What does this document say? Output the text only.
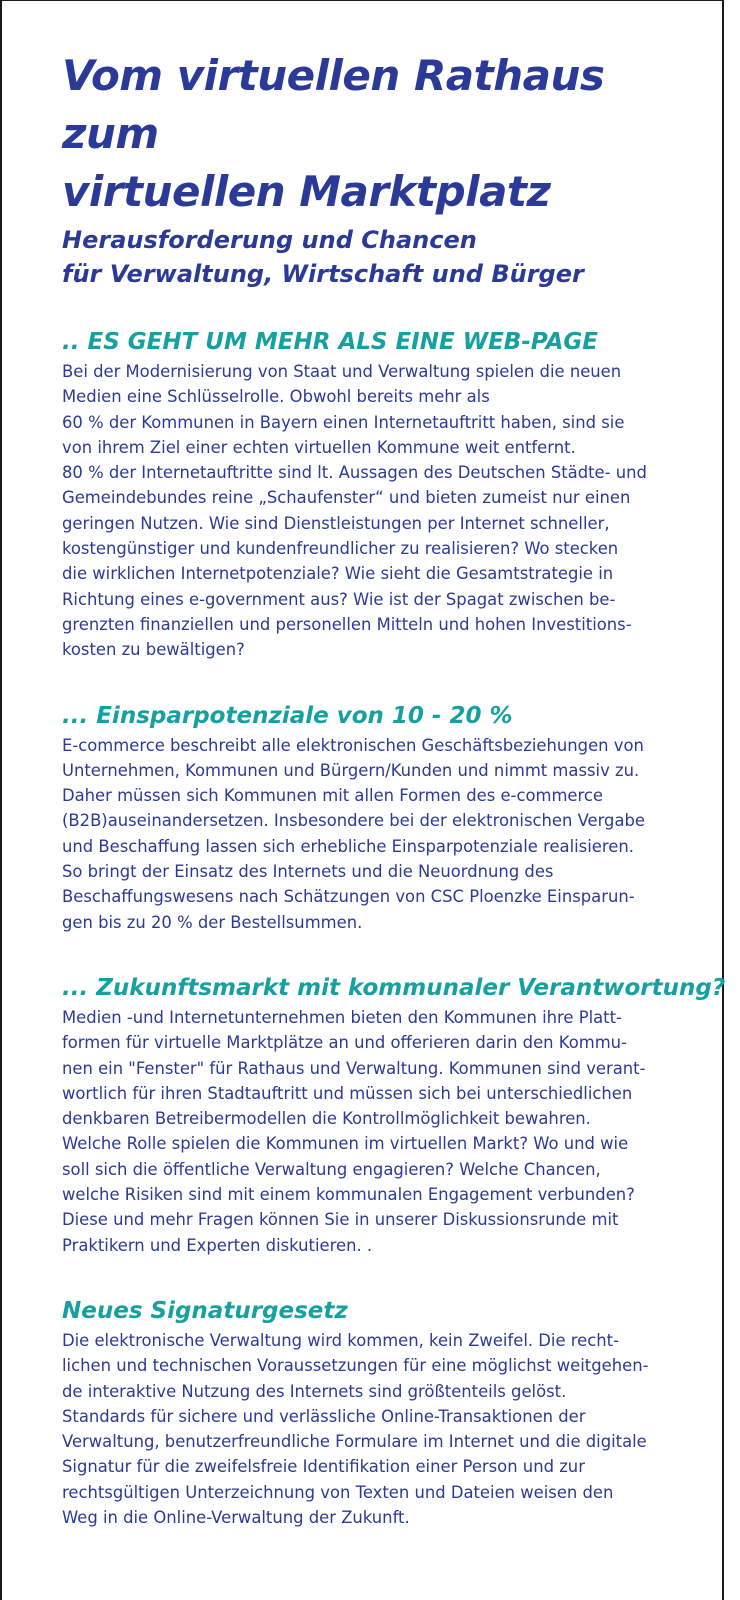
Vom virtuellen Rathaus zum
virtuellen Marktplatz
Herausforderung und Chancen
für Verwaltung, Wirtschaft und Bürger
.. ES GEHT UM MEHR ALS EINE WEB-PAGE
Bei der Modernisierung von Staat und Verwaltung spielen die neuen
Medien eine Schlüsselrolle. Obwohl bereits mehr als
60 % der Kommunen in Bayern einen Internetauftritt haben, sind sie
von ihrem Ziel einer echten virtuellen Kommune weit entfernt.
80 % der Internetauftritte sind lt. Aussagen des Deutschen Städte- und
Gemeindebundes reine „Schaufenster“ und bieten zumeist nur einen
geringen Nutzen. Wie sind Dienstleistungen per Internet schneller,
kostengünstiger und kundenfreundlicher zu realisieren? Wo stecken
die wirklichen Internetpotenziale? Wie sieht die Gesamtstrategie in
Richtung eines e-government aus? Wie ist der Spagat zwischen be-
grenzten finanziellen und personellen Mitteln und hohen Investitions-
kosten zu bewältigen?
... Einsparpotenziale von 10 - 20 %
E-commerce beschreibt alle elektronischen Geschäftsbeziehungen von
Unternehmen, Kommunen und Bürgern/Kunden und nimmt massiv zu.
Daher müssen sich Kommunen mit allen Formen des e-commerce
(B2B)auseinandersetzen. Insbesondere bei der elektronischen Vergabe
und Beschaffung lassen sich erhebliche Einsparpotenziale realisieren.
So bringt der Einsatz des Internets und die Neuordnung des
Beschaffungswesens nach Schätzungen von CSC Ploenzke Einsparun-
gen bis zu 20 % der Bestellsummen.
... Zukunftsmarkt mit kommunaler Verantwortung?
Medien -und Internetunternehmen bieten den Kommunen ihre Platt-
formen für virtuelle Marktplätze an und offerieren darin den Kommu-
nen ein "Fenster" für Rathaus und Verwaltung. Kommunen sind verant-
wortlich für ihren Stadtauftritt und müssen sich bei unterschiedlichen
denkbaren Betreibermodellen die Kontrollmöglichkeit bewahren.
Welche Rolle spielen die Kommunen im virtuellen Markt? Wo und wie
soll sich die öffentliche Verwaltung engagieren? Welche Chancen,
welche Risiken sind mit einem kommunalen Engagement verbunden?
Diese und mehr Fragen können Sie in unserer Diskussionsrunde mit
Praktikern und Experten diskutieren. .
Neues Signaturgesetz
Die elektronische Verwaltung wird kommen, kein Zweifel. Die recht-
lichen und technischen Voraussetzungen für eine möglichst weitgehen-
de interaktive Nutzung des Internets sind größtenteils gelöst.
Standards für sichere und verlässliche Online-Transaktionen der
Verwaltung, benutzerfreundliche Formulare im Internet und die digitale
Signatur für die zweifelsfreie Identifikation einer Person und zur
rechtsgültigen Unterzeichnung von Texten und Dateien weisen den
Weg in die Online-Verwaltung der Zukunft.
